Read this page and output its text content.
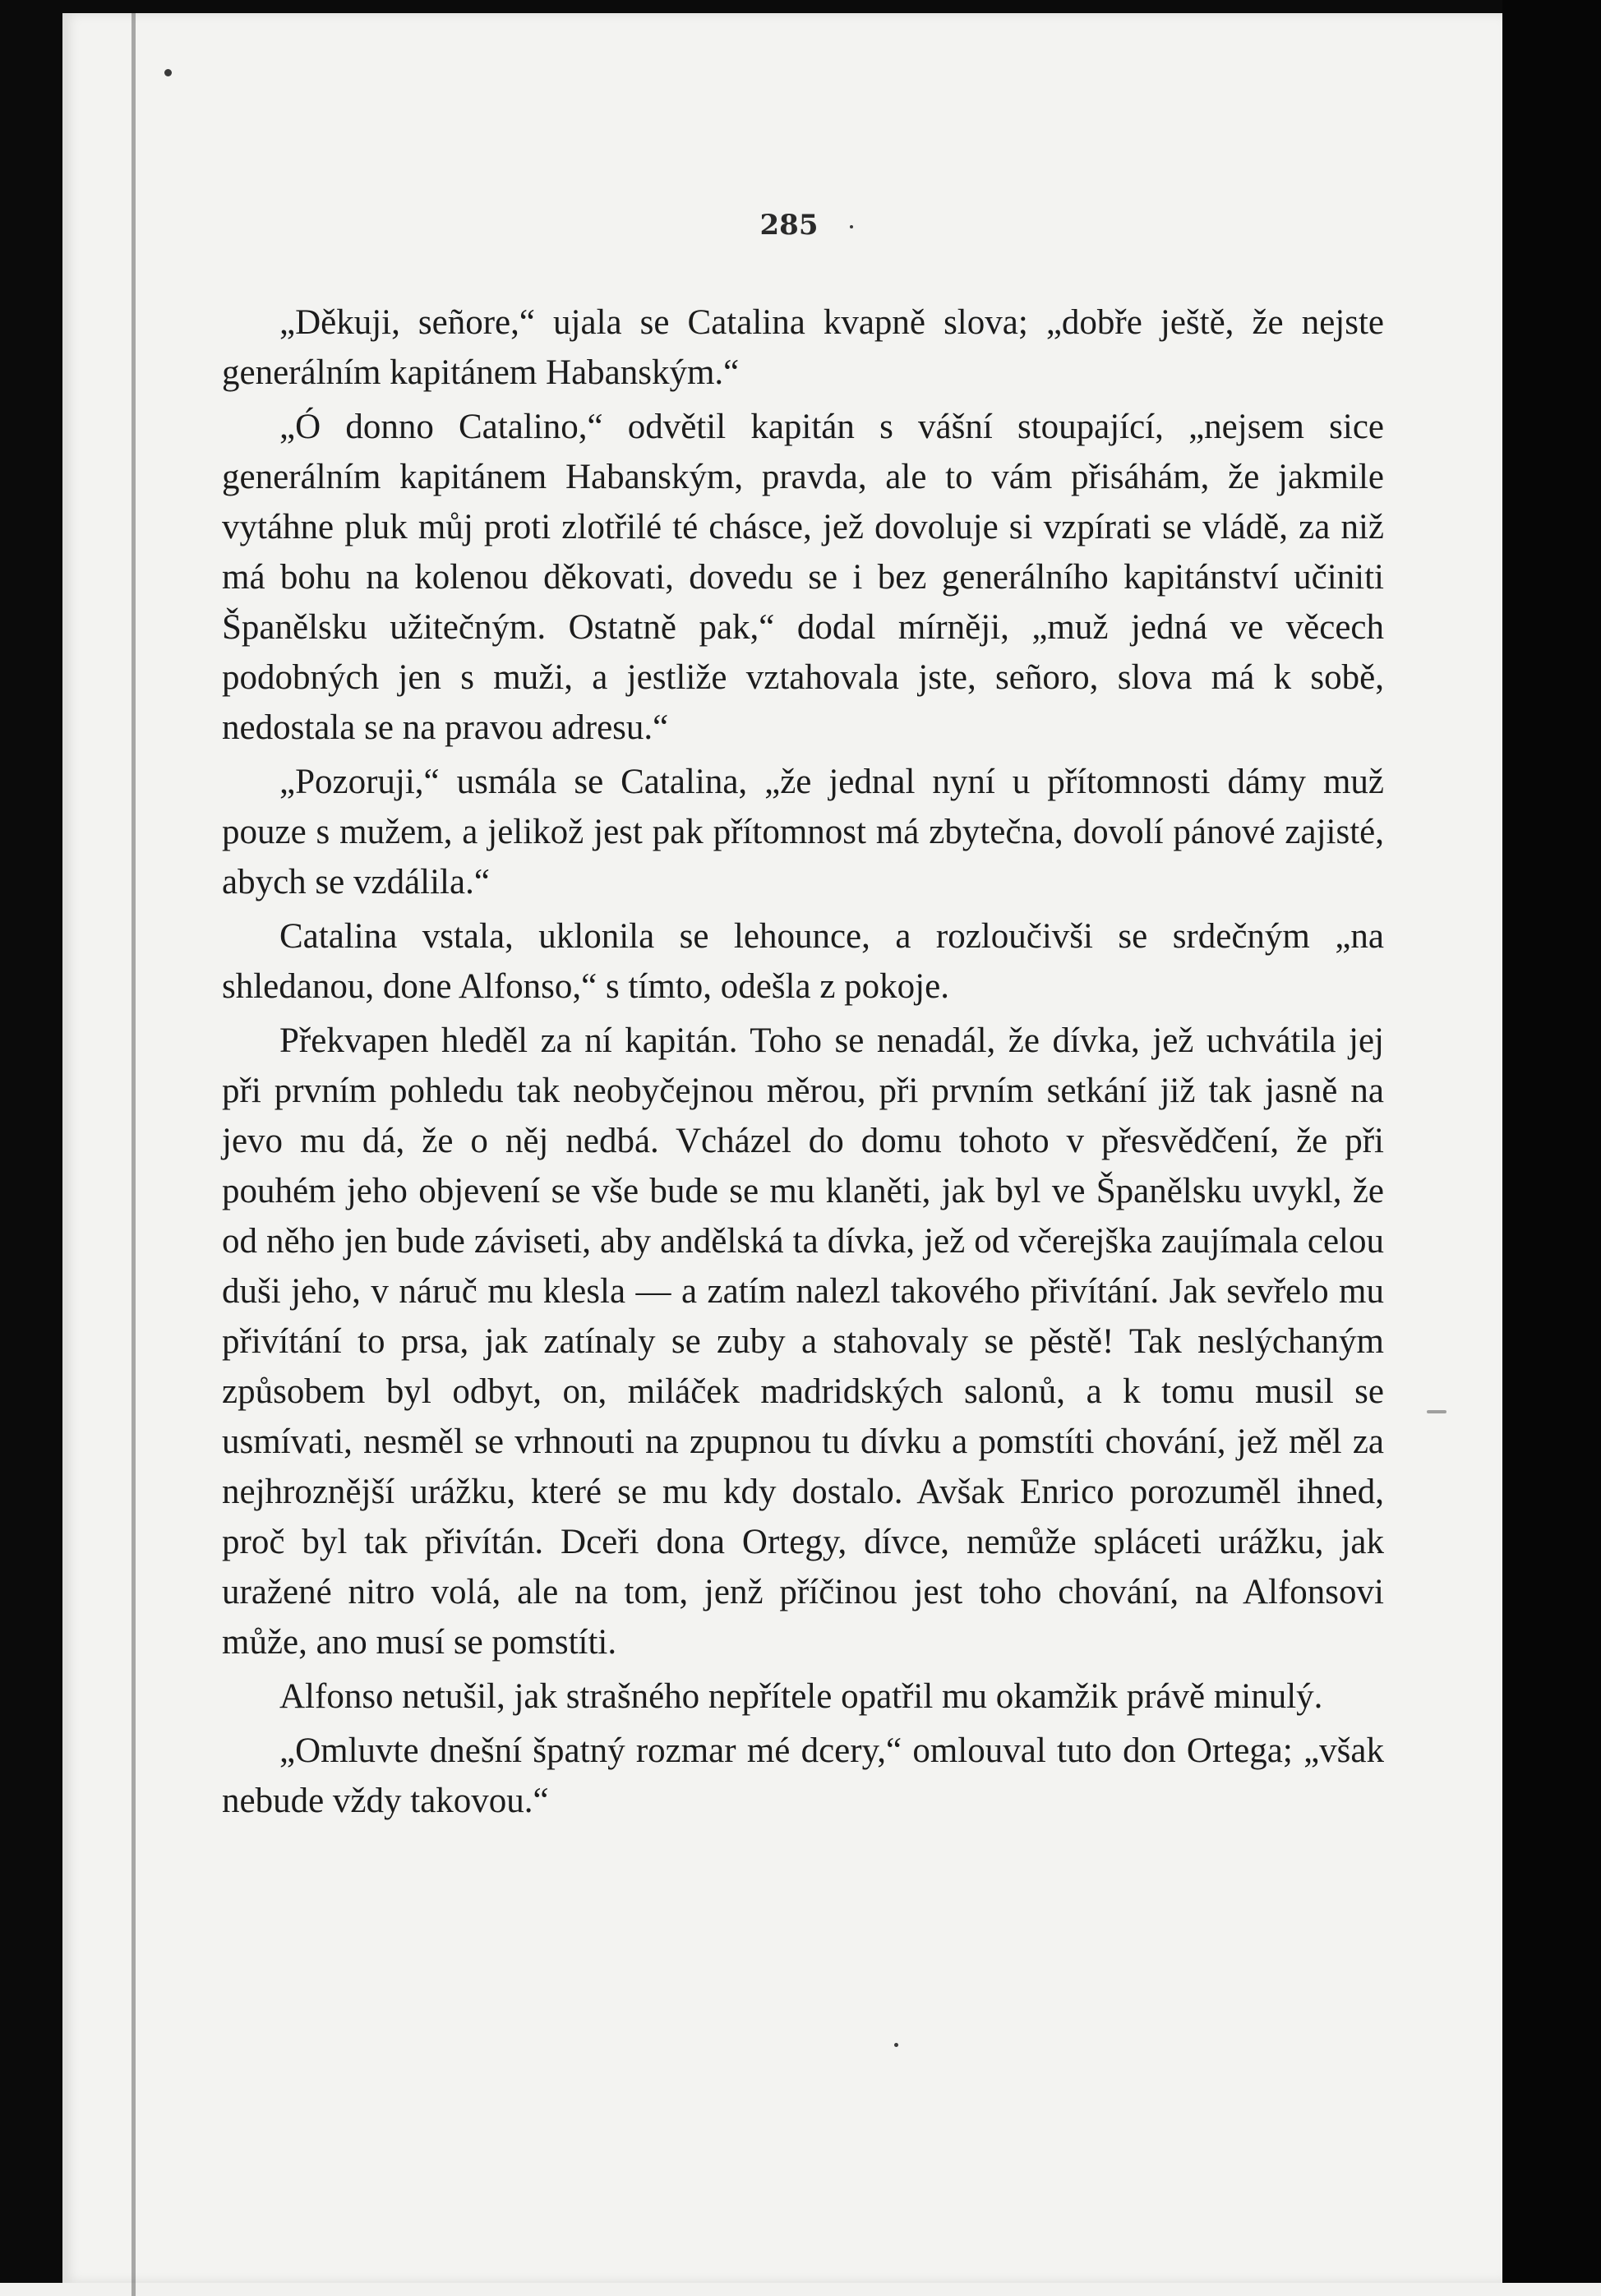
285

„Děkuji, señore,“ ujala se Catalina kvapně slova; „dobře ještě, že nejste generálním kapitánem Habanským.“

„Ó donno Catalino,“ odvětil kapitán s vášní stoupající, „nejsem sice generálním kapitánem Habanským, pravda, ale to vám přisáhám, že jakmile vytáhne pluk můj proti zlotřilé té chásce, jež dovoluje si vzpírati se vládě, za niž má bohu na kolenou děkovati, dovedu se i bez generálního kapitánství učiniti Španělsku užitečným. Ostatně pak,“ dodal mírněji, „muž jedná ve věcech podobných jen s muži, a jestliže vztahovala jste, señoro, slova má k sobě, nedostala se na pravou adresu.“

„Pozoruji,“ usmála se Catalina, „že jednal nyní u přítomnosti dámy muž pouze s mužem, a jelikož jest pak přítomnost má zbytečna, dovolí pánové zajisté, abych se vzdálila.“

Catalina vstala, uklonila se lehounce, a rozloučivši se srdečným „na shledanou, done Alfonso,“ s tímto, odešla z pokoje.

Překvapen hleděl za ní kapitán. Toho se nenadál, že dívka, jež uchvátila jej při prvním pohledu tak neobyčejnou měrou, při prvním setkání již tak jasně na jevo mu dá, že o něj nedbá. Vcházel do domu tohoto v přesvědčení, že při pouhém jeho objevení se vše bude se mu klaněti, jak byl ve Španělsku uvykl, že od něho jen bude záviseti, aby andělská ta dívka, jež od včerejška zaujímala celou duši jeho, v náruč mu klesla — a zatím nalezl takového přivítání. Jak sevřelo mu přivítání to prsa, jak zatínaly se zuby a stahovaly se pěstě! Tak neslýchaným způsobem byl odbyt, on, miláček madridských salonů, a k tomu musil se usmívati, nesměl se vrhnouti na zpupnou tu dívku a pomstíti chování, jež měl za nejhroznější urážku, které se mu kdy dostalo. Avšak Enrico porozuměl ihned, proč byl tak přivítán. Dceři dona Ortegy, dívce, nemůže spláceti urážku, jak uražené nitro volá, ale na tom, jenž příčinou jest toho chování, na Alfonsovi může, ano musí se pomstíti.

Alfonso netušil, jak strašného nepřítele opatřil mu okamžik právě minulý.

„Omluvte dnešní špatný rozmar mé dcery,“ omlouval tuto don Ortega; „však nebude vždy takovou.“
